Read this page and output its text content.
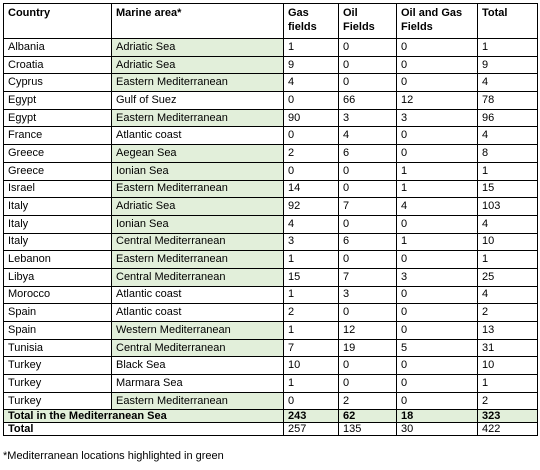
Country	Marine area*	Gas fields	Oil Fields	Oil and Gas Fields	Total
Albania	Adriatic Sea	1	0	0	1
Croatia	Adriatic Sea	9	0	0	9
Cyprus	Eastern Mediterranean	4	0	0	4
Egypt	Gulf of Suez	0	66	12	78
Egypt	Eastern Mediterranean	90	3	3	96
France	Atlantic coast	0	4	0	4
Greece	Aegean Sea	2	6	0	8
Greece	Ionian Sea	0	0	1	1
Israel	Eastern Mediterranean	14	0	1	15
Italy	Adriatic Sea	92	7	4	103
Italy	Ionian Sea	4	0	0	4
Italy	Central Mediterranean	3	6	1	10
Lebanon	Eastern Mediterranean	1	0	0	1
Libya	Central Mediterranean	15	7	3	25
Morocco	Atlantic coast	1	3	0	4
Spain	Atlantic coast	2	0	0	2
Spain	Western Mediterranean	1	12	0	13
Tunisia	Central Mediterranean	7	19	5	31
Turkey	Black Sea	10	0	0	10
Turkey	Marmara Sea	1	0	0	1
Turkey	Eastern Mediterranean	0	2	0	2
Total in the Mediterranean Sea		243	62	18	323
Total		257	135	30	422
*Mediterranean locations highlighted in green
